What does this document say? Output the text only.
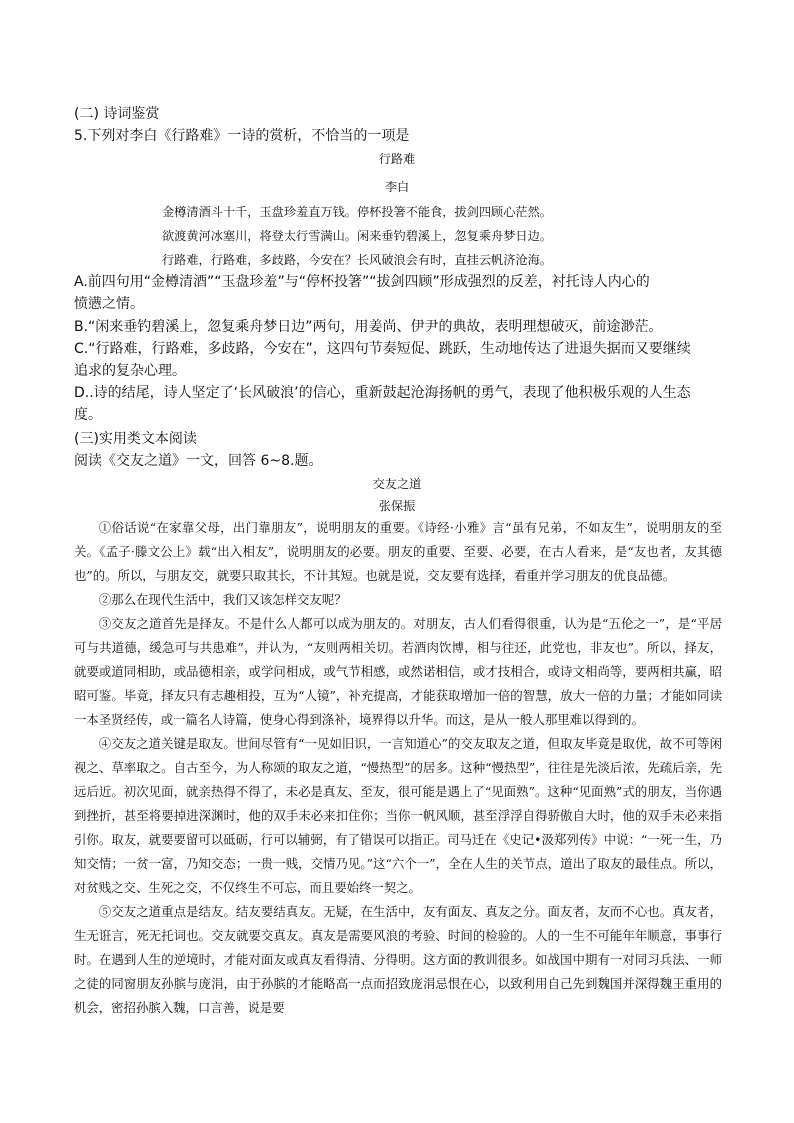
(二) 诗词鉴赏
5.下列对李白《行路难》一诗的赏析，不恰当的一项是
行路难
李白
金樽清酒斗十千，玉盘珍羞直万钱。停杯投箸不能食，拔剑四顾心茫然。
欲渡黄河冰塞川，将登太行雪满山。闲来垂钓碧溪上，忽复乘舟梦日边。
行路难，行路难，多歧路，今安在？长风破浪会有时，直挂云帆济沧海。
A.前四句用“金樽清酒”“玉盘珍羞”与“停杯投箸”“拔剑四顾”形成强烈的反差，衬托诗人内心的
愤懑之情。
B.“闲来垂钓碧溪上，忽复乘舟梦日边”两句，用姜尚、伊尹的典故，表明理想破灭，前途渺茫。
C.“行路难，行路难，多歧路，今安在”，这四句节奏短促、跳跃，生动地传达了进退失据而又要继续
追求的复杂心理。
D..诗的结尾，诗人坚定了‘长风破浪’的信心，重新鼓起沧海扬帆的勇气，表现了他积极乐观的人生态
度。
(三)实用类文本阅读
阅读《交友之道》一文，回答 6~8.题。
交友之道
张保振

①俗话说“在家靠父母，出门靠朋友”，说明朋友的重要。《诗经·小雅》言“虽有兄弟，不如友生”，说明朋友的至关。《孟子·滕文公上》载“出入相友”，说明朋友的必要。朋友的重要、至要、必要，在古人看来，是“友也者，友其德也”的。所以，与朋友交，就要只取其长，不计其短。也就是说，交友要有选择，看重并学习朋友的优良品德。

②那么在现代生活中，我们又该怎样交友呢？

③交友之道首先是择友。不是什么人都可以成为朋友的。对朋友，古人们看得很重，认为是“五伦之一”，是“平居可与共道德，缓急可与共患难”，并认为，“友则两相关切。若酒肉饮博，相与往还，此党也，非友也”。所以，择友，就要或道同相助，或品德相亲，或学问相成，或气节相感，或然诺相信，或才技相合，或诗文相尚等，要两相共赢，昭昭可鉴。毕竟，择友只有志趣相投，互为“人镜”，补充提高，才能获取增加一倍的智慧，放大一倍的力量；才能如同读一本圣贤经传，或一篇名人诗篇，使身心得到涤补，境界得以升华。而这，是从一般人那里难以得到的。

④交友之道关键是取友。世间尽管有“一见如旧识，一言知道心”的交友取友之道，但取友毕竟是取优，故不可等闲视之、草率取之。自古至今，为人称颂的取友之道，“慢热型”的居多。这种“慢热型”，往往是先淡后浓，先疏后亲，先远后近。初次见面，就亲热得不得了，未必是真友、至友，很可能是遇上了“见面熟”。这种“见面熟”式的朋友，当你遇到挫折，甚至将要掉进深渊时，他的双手未必来扣住你；当你一帆风顺，甚至浮浮自得骄傲自大时，他的双手未必来指引你。取友，就要要留可以砥砺，行可以辅弼，有了错误可以指正。司马迁在《史记•汲郑列传》中说：“一死一生，乃知交情；一贫一富，乃知交态；一贵一贱，交情乃见。”这“六个一”，全在人生的关节点，道出了取友的最佳点。所以，对贫贱之交、生死之交，不仅终生不可忘，而且要始终一契之。

⑤交友之道重点是结友。结友要结真友。无疑，在生活中，友有面友、真友之分。面友者，友而不心也。真友者，生无诳言，死无托词也。交友就要交真友。真友是需要风浪的考验、时间的检验的。人的一生不可能年年顺意，事事行时。在遇到人生的逆境时，才能对面友或真友看得清、分得明。这方面的教训很多。如战国中期有一对同习兵法、一师之徒的同窗朋友孙膑与庞涓，由于孙膑的才能略高一点而招致庞涓忌恨在心，以致利用自己先到魏国并深得魏王重用的机会，密招孙膑入魏，口言善，说是要
